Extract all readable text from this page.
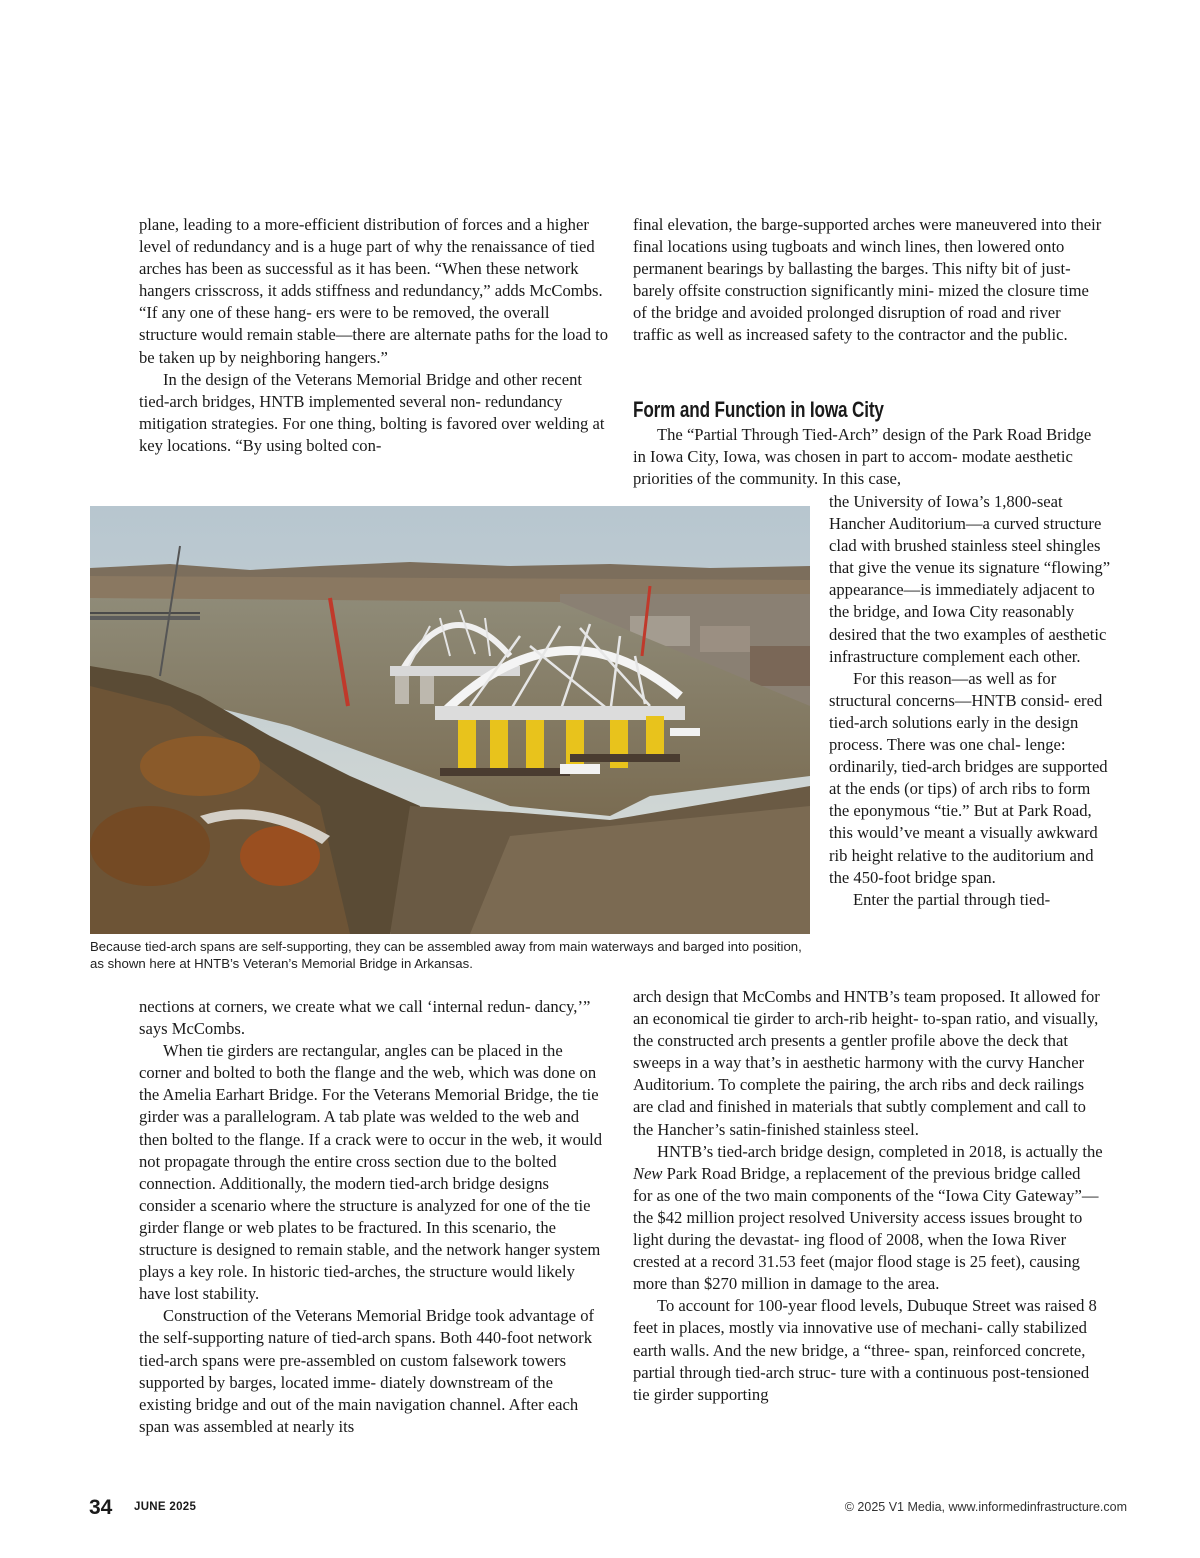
plane, leading to a more-efficient distribution of forces and a higher level of redundancy and is a huge part of why the renaissance of tied arches has been as successful as it has been. “When these network hangers crisscross, it adds stiffness and redundancy,” adds McCombs. “If any one of these hang- ers were to be removed, the overall structure would remain stable—there are alternate paths for the load to be taken up by neighboring hangers.”

In the design of the Veterans Memorial Bridge and other recent tied-arch bridges, HNTB implemented several non- redundancy mitigation strategies. For one thing, bolting is favored over welding at key locations. “By using bolted con-

final elevation, the barge-supported arches were maneuvered into their final locations using tugboats and winch lines, then lowered onto permanent bearings by ballasting the barges. This nifty bit of just-barely offsite construction significantly mini- mized the closure time of the bridge and avoided prolonged disruption of road and river traffic as well as increased safety to the contractor and the public.

Form and Function in Iowa City

The “Partial Through Tied-Arch” design of the Park Road Bridge in Iowa City, Iowa, was chosen in part to accom- modate aesthetic priorities of the community. In this case,

Because tied-arch spans are self-supporting, they can be assembled away from main waterways and barged into position, as shown here at HNTB’s Veteran’s Memorial Bridge in Arkansas.

the University of Iowa’s 1,800-seat Hancher Auditorium—a curved structure clad with brushed stainless steel shingles that give the venue its signature “flowing” appearance—is immediately adjacent to the bridge, and Iowa City reasonably desired that the two examples of aesthetic infrastructure complement each other.

For this reason—as well as for structural concerns—HNTB consid- ered tied-arch solutions early in the design process. There was one chal- lenge: ordinarily, tied-arch bridges are supported at the ends (or tips) of arch ribs to form the eponymous “tie.” But at Park Road, this would’ve meant a visually awkward rib height relative to the auditorium and the 450-foot bridge span.

Enter the partial through tied-

nections at corners, we create what we call ‘internal redun- dancy,’” says McCombs.

When tie girders are rectangular, angles can be placed in the corner and bolted to both the flange and the web, which was done on the Amelia Earhart Bridge. For the Veterans Memorial Bridge, the tie girder was a parallelogram. A tab plate was welded to the web and then bolted to the flange. If a crack were to occur in the web, it would not propagate through the entire cross section due to the bolted connection. Additionally, the modern tied-arch bridge designs consider a scenario where the structure is analyzed for one of the tie girder flange or web plates to be fractured. In this scenario, the structure is designed to remain stable, and the network hanger system plays a key role. In historic tied-arches, the structure would likely have lost stability.

Construction of the Veterans Memorial Bridge took advantage of the self-supporting nature of tied-arch spans. Both 440-foot network tied-arch spans were pre-assembled on custom falsework towers supported by barges, located imme- diately downstream of the existing bridge and out of the main navigation channel. After each span was assembled at nearly its

arch design that McCombs and HNTB’s team proposed. It allowed for an economical tie girder to arch-rib height- to-span ratio, and visually, the constructed arch presents a gentler profile above the deck that sweeps in a way that’s in aesthetic harmony with the curvy Hancher Auditorium. To complete the pairing, the arch ribs and deck railings are clad and finished in materials that subtly complement and call to the Hancher’s satin-finished stainless steel.

HNTB’s tied-arch bridge design, completed in 2018, is actually the New Park Road Bridge, a replacement of the previous bridge called for as one of the two main components of the “Iowa City Gateway”—the $42 million project resolved University access issues brought to light during the devastat- ing flood of 2008, when the Iowa River crested at a record 31.53 feet (major flood stage is 25 feet), causing more than $270 million in damage to the area.

To account for 100-year flood levels, Dubuque Street was raised 8 feet in places, mostly via innovative use of mechani- cally stabilized earth walls. And the new bridge, a “three- span, reinforced concrete, partial through tied-arch struc- ture with a continuous post-tensioned tie girder supporting

34 JUNE 2025	© 2025 V1 Media, www.informedinfrastructure.com
